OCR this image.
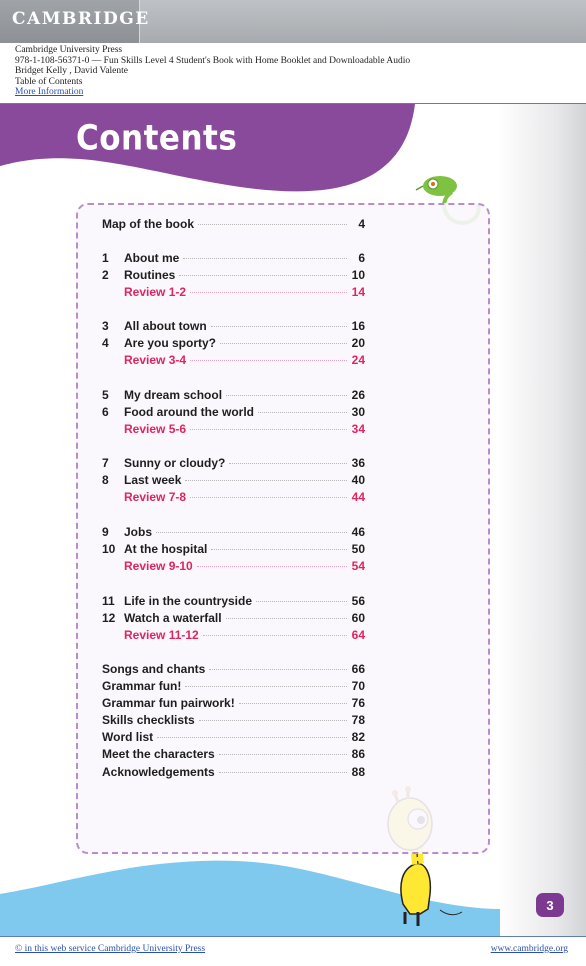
CAMBRIDGE
Cambridge University Press
978-1-108-56371-0 — Fun Skills Level 4 Student's Book with Home Booklet and Downloadable Audio
Bridget Kelly , David Valente
Table of Contents
More Information
Contents
Map of the book	4
1	About me	6
2	Routines	10
Review 1-2	14
3	All about town	16
4	Are you sporty?	20
Review 3-4	24
5	My dream school	26
6	Food around the world	30
Review 5-6	34
7	Sunny or cloudy?	36
8	Last week	40
Review 7-8	44
9	Jobs	46
10 At the hospital	50
Review 9-10	54
11 Life in the countryside	56
12 Watch a waterfall	60
Review 11-12	64
Songs and chants	66
Grammar fun!	70
Grammar fun pairwork!	76
Skills checklists	78
Word list	82
Meet the characters	86
Acknowledgements	88
3
© in this web service Cambridge University Press	www.cambridge.org
